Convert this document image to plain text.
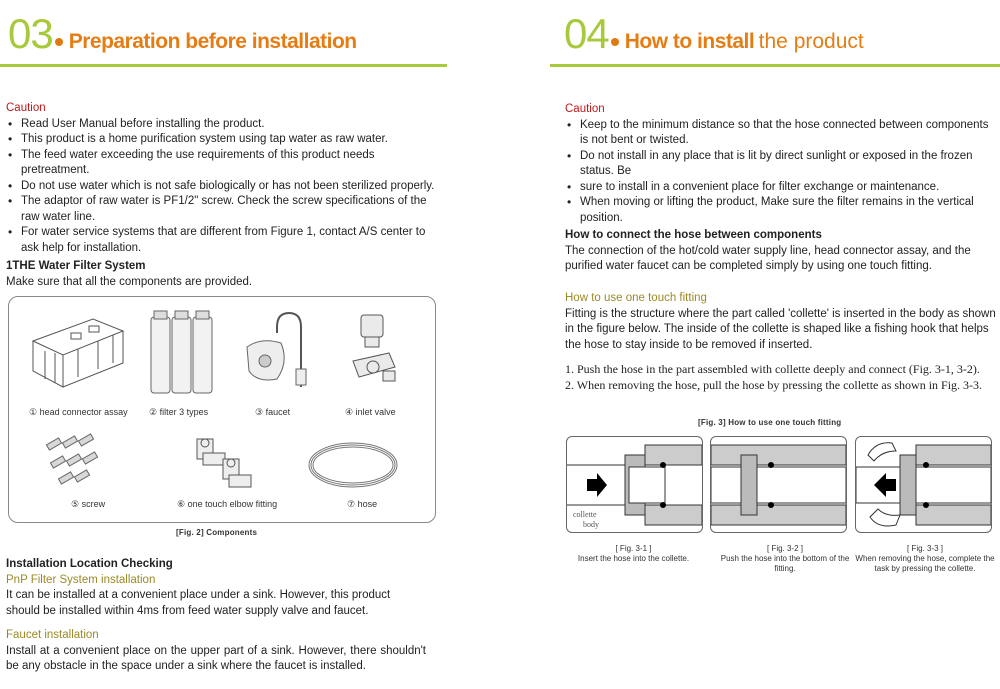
03 Preparation before installation
Caution
• Read User Manual before installing the product.
• This product is a home purification system using tap water as raw water.
• The feed water exceeding the use requirements of this product needs pretreatment.
• Do not use water which is not safe biologically or has not been sterilized properly.
• The adaptor of raw water is PF1/2" screw. Check the screw specifications of the raw water line.
• For water service systems that are different from Figure 1, contact A/S center to ask help for installation.
1THE Water Filter System
Make sure that all the components are provided.
① head connector assay ② filter 3 types	③ faucet	④ inlet valve
⑤ screw	⑥ one touch elbow fitting	⑦ hose
[Fig. 2] Components
Installation Location Checking
PnP Filter System installation
It can be installed at a convenient place under a sink. However, this product should be installed within 4ms from feed water supply valve and faucet.
Faucet installation
Install at a convenient place on the upper part of a sink. However, there shouldn't be any obstacle in the space under a sink where the faucet is installed.
04 How to install the product
Caution
• Keep to the minimum distance so that the hose connected between components is not bent or twisted.
• Do not install in any place that is lit by direct sunlight or exposed in the frozen status. Be
• sure to install in a convenient place for filter exchange or maintenance.
• When moving or lifting the product, Make sure the filter remains in the vertical position.
How to connect the hose between components
The connection of the hot/cold water supply line, head connector assay, and the purified water faucet can be completed simply by using one touch fitting.
How to use one touch fitting
Fitting is the structure where the part called 'collette' is inserted in the body as shown in the figure below. The inside of the collette is shaped like a fishing hook that helps the hose to stay inside to be removed if inserted.
1. Push the hose in the part assembled with collette deeply and connect (Fig. 3-1, 3-2).
2. When removing the hose, pull the hose by pressing the collette as shown in Fig. 3-3.
[Fig. 3] How to use one touch fitting
collette
body
[ Fig. 3-1 ]
Insert the hose into the collette.
[ Fig. 3-2 ]
Push the hose into the bottom of the fitting.
[ Fig. 3-3 ]
When removing the hose, complete the task by pressing the collette.
